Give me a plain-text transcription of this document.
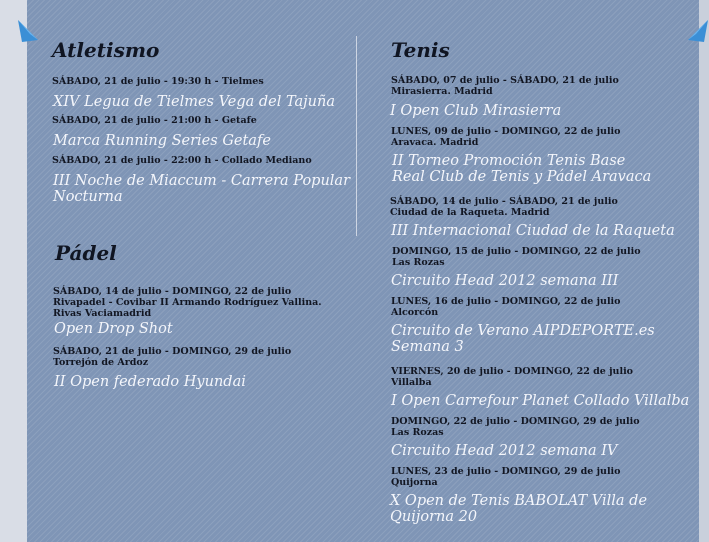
Atletismo
SÁBADO, 21 de julio - 19:30 h - Tielmes
XIV Legua de Tielmes Vega del Tajuña
SÁBADO, 21 de julio - 21:00 h - Getafe
Marca Running Series Getafe
SÁBADO, 21 de julio - 22:00 h - Collado Mediano
III Noche de Miaccum - Carrera Popular
Nocturna
Pádel
SÁBADO, 14 de julio - DOMINGO, 22 de julio
Rivapadel - Covibar II Armando Rodríguez Vallina.
Rivas Vaciamadrid
Open Drop Shot
SÁBADO, 21 de julio - DOMINGO, 29 de julio
Torrejón de Ardoz
II Open federado Hyundai
Tenis
SÁBADO, 07 de julio - SÁBADO, 21 de julio
Mirasierra. Madrid
I Open Club Mirasierra
LUNES, 09 de julio - DOMINGO, 22 de julio
Aravaca. Madrid
II Torneo Promoción Tenis Base
Real Club de Tenis y Pádel Aravaca
SÁBADO, 14 de julio - SÁBADO, 21 de julio
Ciudad de la Raqueta. Madrid
III Internacional Ciudad de la Raqueta
DOMINGO, 15 de julio - DOMINGO, 22 de julio
Las Rozas
Circuito Head 2012 semana III
LUNES, 16 de julio - DOMINGO, 22 de julio
Alcorcón
Circuito de Verano AIPDEPORTE.es
Semana 3
VIERNES, 20 de julio - DOMINGO, 22 de julio
Villalba
I Open Carrefour Planet Collado Villalba
DOMINGO, 22 de julio - DOMINGO, 29 de julio
Las Rozas
Circuito Head 2012 semana IV
LUNES, 23 de julio - DOMINGO, 29 de julio
Quijorna
X Open de Tenis BABOLAT Villa de Quijorna 20
